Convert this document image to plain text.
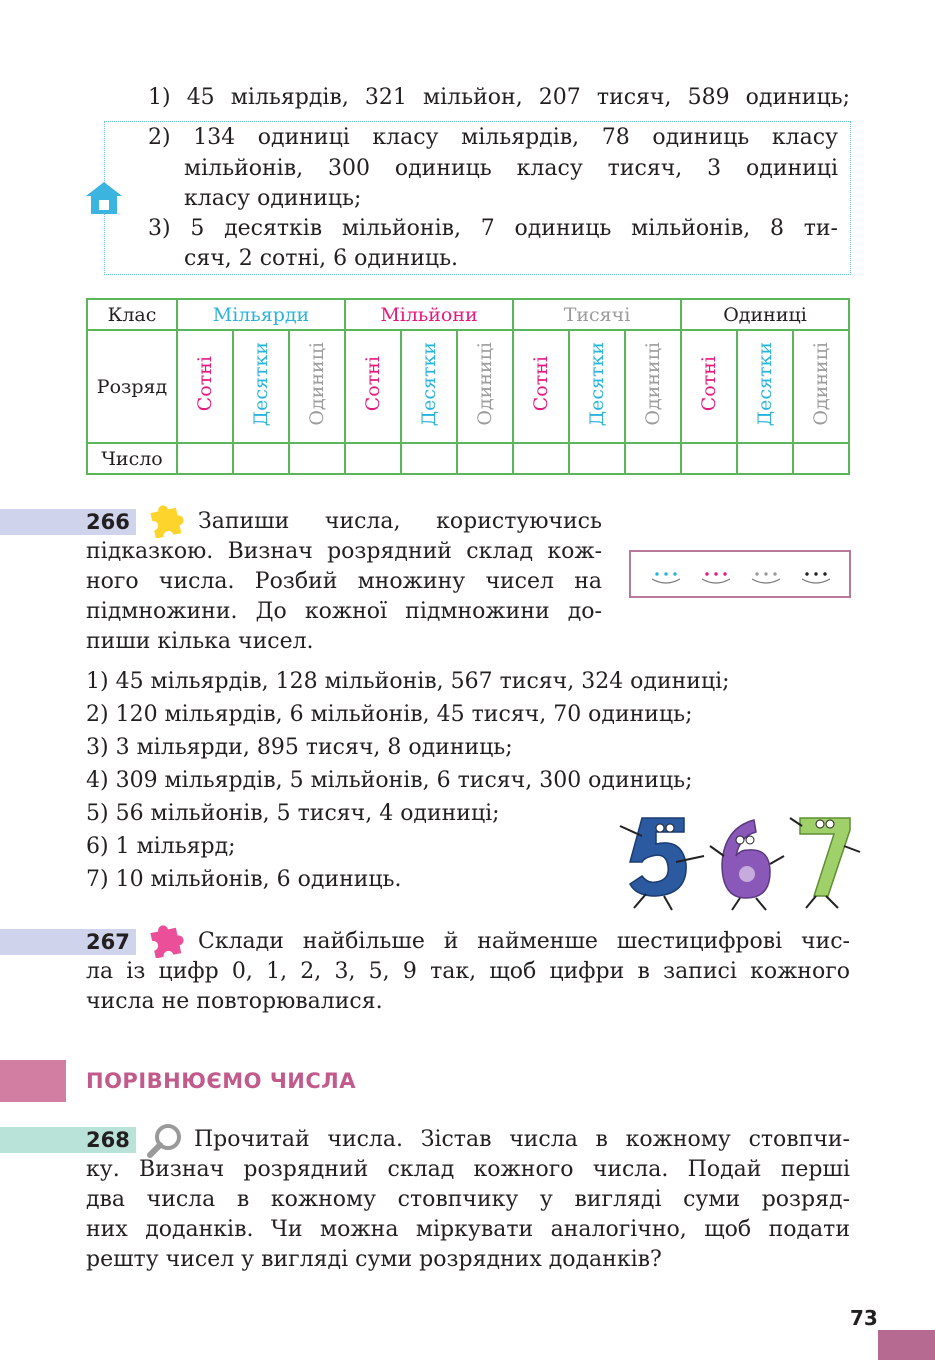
1) 45 мільярдів, 321 мільйон, 207 тисяч, 589 одиниць;
2) 134 одиниці класу мільярдів, 78 одиниць класу
мільйонів, 300 одиниць класу тисяч, 3 одиниці
класу одиниць;
3) 5 десятків мільйонів, 7 одиниць мільйонів, 8 ти-
сяч, 2 сотні, 6 одиниць.
Клас	Мільярди			Мільйони			Тисячі			Одиниці		
Розряд	Сотні	Десятки	Одиниці	Сотні	Десятки	Одиниці	Сотні	Десятки	Одиниці	Сотні	Десятки	Одиниці
Число												
266	Запиши числа, користуючись
підказкою. Визнач розрядний склад кож-
ного числа. Розбий множину чисел на
підмножини. До кожної підмножини до-
пиши кілька чисел.
1) 45 мільярдів, 128 мільйонів, 567 тисяч, 324 одиниці;
2) 120 мільярдів, 6 мільйонів, 45 тисяч, 70 одиниць;
3) 3 мільярди, 895 тисяч, 8 одиниць;
4) 309 мільярдів, 5 мільйонів, 6 тисяч, 300 одиниць;
5) 56 мільйонів, 5 тисяч, 4 одиниці;
6) 1 мільярд;
7) 10 мільйонів, 6 одиниць.
267	Склади найбільше й найменше шестицифрові чис-
ла із цифр 0, 1, 2, 3, 5, 9 так, щоб цифри в записі кожного
числа не повторювалися.
ПОРІВНЮЄМО ЧИСЛА
268	Прочитай числа. Зістав числа в кожному стовпчи-
ку. Визнач розрядний склад кожного числа. Подай перші
два числа в кожному стовпчику у вигляді суми розряд-
них доданків. Чи можна міркувати аналогічно, щоб подати
решту чисел у вигляді суми розрядних доданків?
73
